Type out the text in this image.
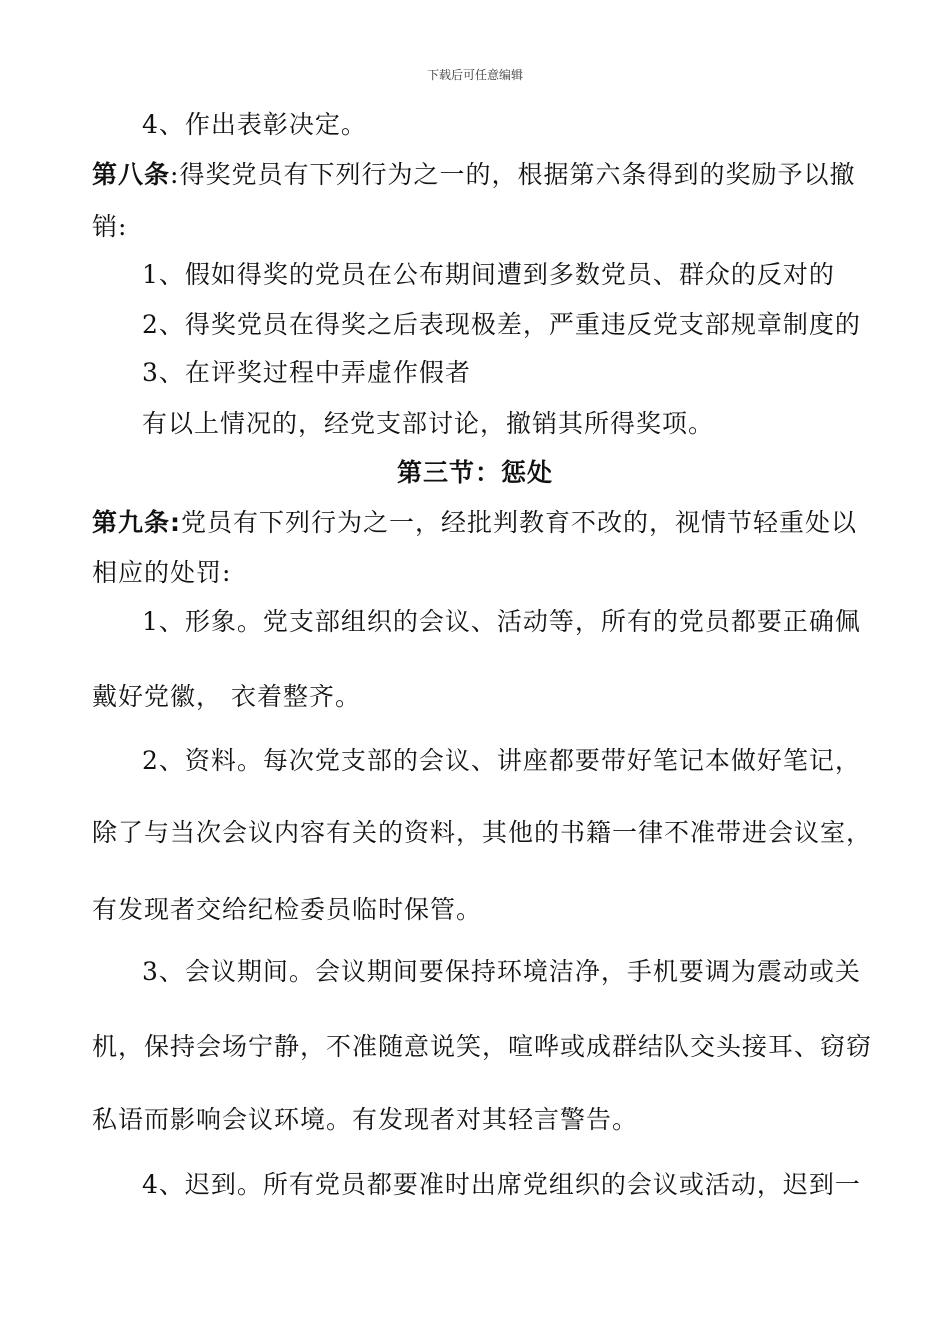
下载后可任意编辑
4、作出表彰决定。
第八条:得奖党员有下列行为之一的，根据第六条得到的奖励予以撤
销:
1、假如得奖的党员在公布期间遭到多数党员、群众的反对的
2、得奖党员在得奖之后表现极差，严重违反党支部规章制度的
3、在评奖过程中弄虚作假者
有以上情况的，经党支部讨论，撤销其所得奖项。
第三节：惩处
第九条:党员有下列行为之一，经批判教育不改的，视情节轻重处以
相应的处罚:
1、形象。党支部组织的会议、活动等，所有的党员都要正确佩
戴好党徽， 衣着整齐。
2、资料。每次党支部的会议、讲座都要带好笔记本做好笔记，
除了与当次会议内容有关的资料，其他的书籍一律不准带进会议室，
有发现者交给纪检委员临时保管。
3、会议期间。会议期间要保持环境洁净，手机要调为震动或关
机，保持会场宁静，不准随意说笑，喧哗或成群结队交头接耳、窃窃
私语而影响会议环境。有发现者对其轻言警告。
4、迟到。所有党员都要准时出席党组织的会议或活动，迟到一
